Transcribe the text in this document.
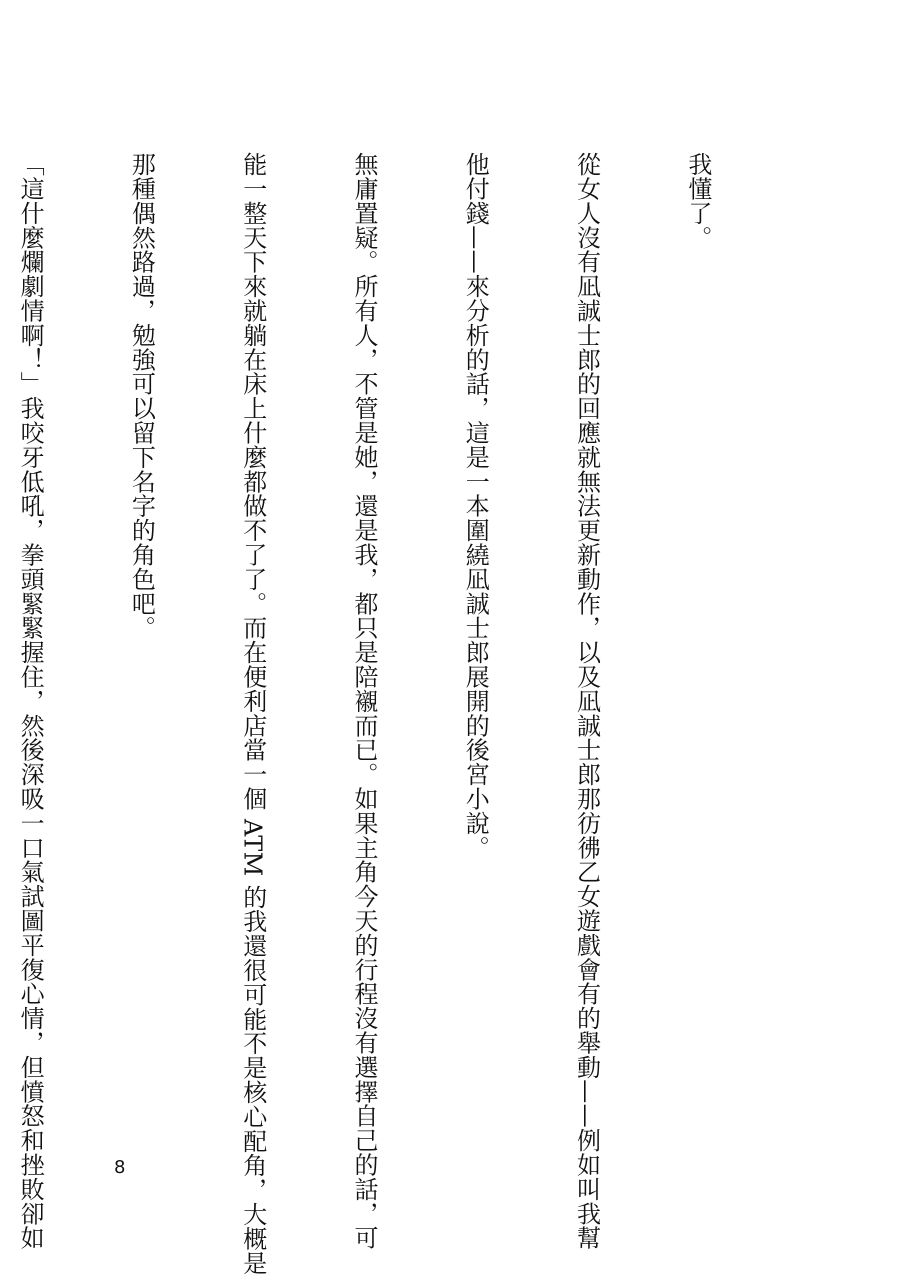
我懂了。

從女人沒有凪誠士郎的回應就無法更新動作，以及凪誠士郎那彷彿乙女遊戲會有的舉動——例如叫我幫

他付錢——來分析的話，這是一本圍繞凪誠士郎展開的後宮小說。

無庸置疑。所有人，不管是她，還是我，都只是陪襯而已。如果主角今天的行程沒有選擇自己的話，可

能一整天下來就躺在床上什麼都做不了了。而在便利店當一個 ATM 的我還很可能不是核心配角，大概是

那種偶然路過，勉強可以留下名字的角色吧。

「這什麼爛劇情啊！」我咬牙低吼，拳頭緊緊握住，然後深吸一口氣試圖平復心情，但憤怒和挫敗卻如

	8
